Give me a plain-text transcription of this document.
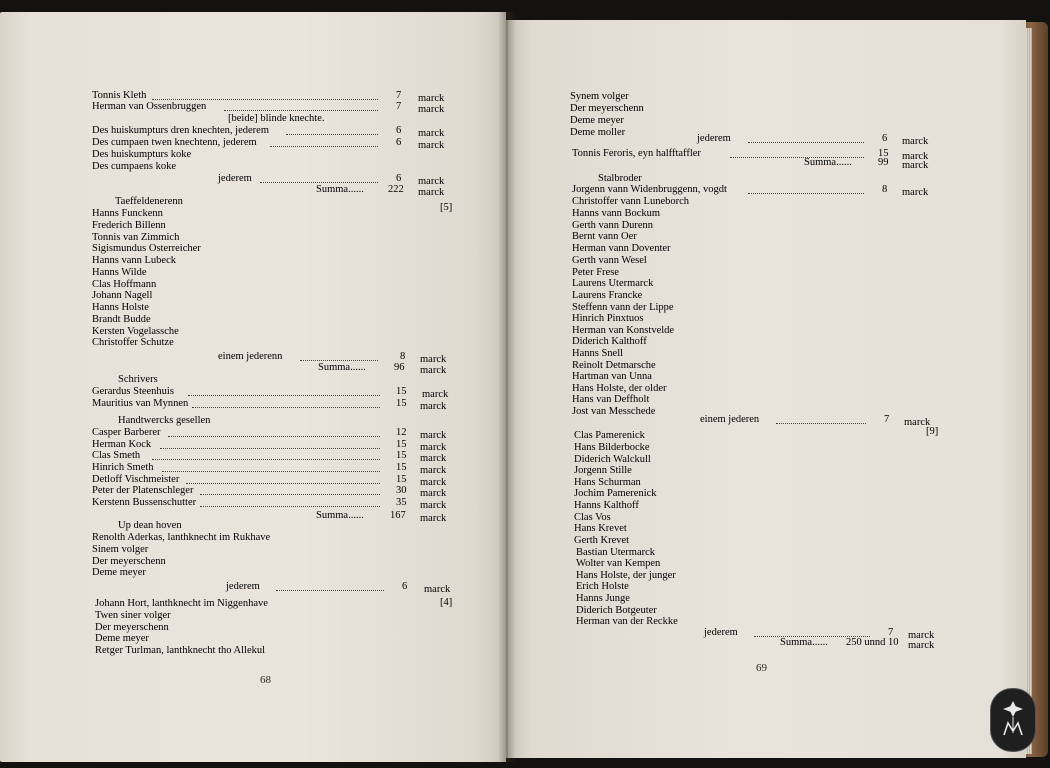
68
69
Tonnis Kleth	7 marck
Herman van Ossenbruggen	7 marck
[beide] blinde knechte.
Des huiskumpturs dren knechten, jederem	6 marck
Des cumpaen twen knechtenn, jederem	6 marck
Des huiskumpturs koke
Des cumpaens koke
jederem	6 marck
Summa...... 222 marck
Taeffeldenerenn
[5]
Hanns Funckenn
Frederich Billenn
Tonnis van Zimmich
Sigismundus Osterreicher
Hanns vann Lubeck
Hanns Wilde
Clas Hoffmann
Johann Nagell
Hanns Holste
Brandt Budde
Kersten Vogelassche
Christoffer Schutze
einem jederenn	8 marck
Summa......	96 marck
Schrivers
Gerardus Steenhuis	15 marck
Mauritius van Mynnen	15 marck
Handtwercks gesellen
Casper Barberer	12 marck
Herman Kock	15 marck
Clas Smeth	15 marck
Hinrich Smeth	15 marck
Detloff Vischmeister	15 marck
Peter der Platenschleger	30 marck
Kerstenn Bussenschutter	35 marck
Summa...... 167 marck
Up dean hoven
Renolth Aderkas, lanthknecht im Rukhave
Sinem volger
Der meyerschenn
Deme meyer
jederem	6 marck
[4]
Johann Hort, lanthknecht im Niggenhave
Twen siner volger
Der meyerschenn
Deme meyer
Retger Turlman, lanthknecht tho Allekul
Synem volger
Der meyerschenn
Deme meyer
Deme moller
jederem	6 marck
Tonnis Feroris, eyn halfftaffler	15 marck
Summa...... 99 marck
Stalbroder
Jorgenn vann Widenbruggenn, vogdt	8 marck
Christoffer vann Luneborch
Hanns vann Bockum
Gerth vann Durenn
Bernt vann Oer
Herman vann Doventer
Gerth vann Wesel
Peter Frese
Laurens Utermarck
Laurens Francke
Steffenn vann der Lippe
Hinrich Pinxtuos
Herman van Konstvelde
Diderich Kalthoff
Hanns Snell
Reinolt Detmarsche
Hartman van Unna
Hans Holste, der older
Hans van Deffholt
Jost van Messchede
einem jederen	7 marck
[9]
Clas Pamerenick
Hans Bilderbocke
Diderich Walckull
Jorgenn Stille
Hans Schurman
Jochim Pamerenick
Hanns Kalthoff
Clas Vos
Hans Krevet
Gerth Krevet
Bastian Utermarck
Wolter van Kempen
Hans Holste, der junger
Erich Holste
Hanns Junge
Diderich Botgeuter
Herman van der Reckke
jederem	7 marck
Summa...... 250 unnd 10 marck
